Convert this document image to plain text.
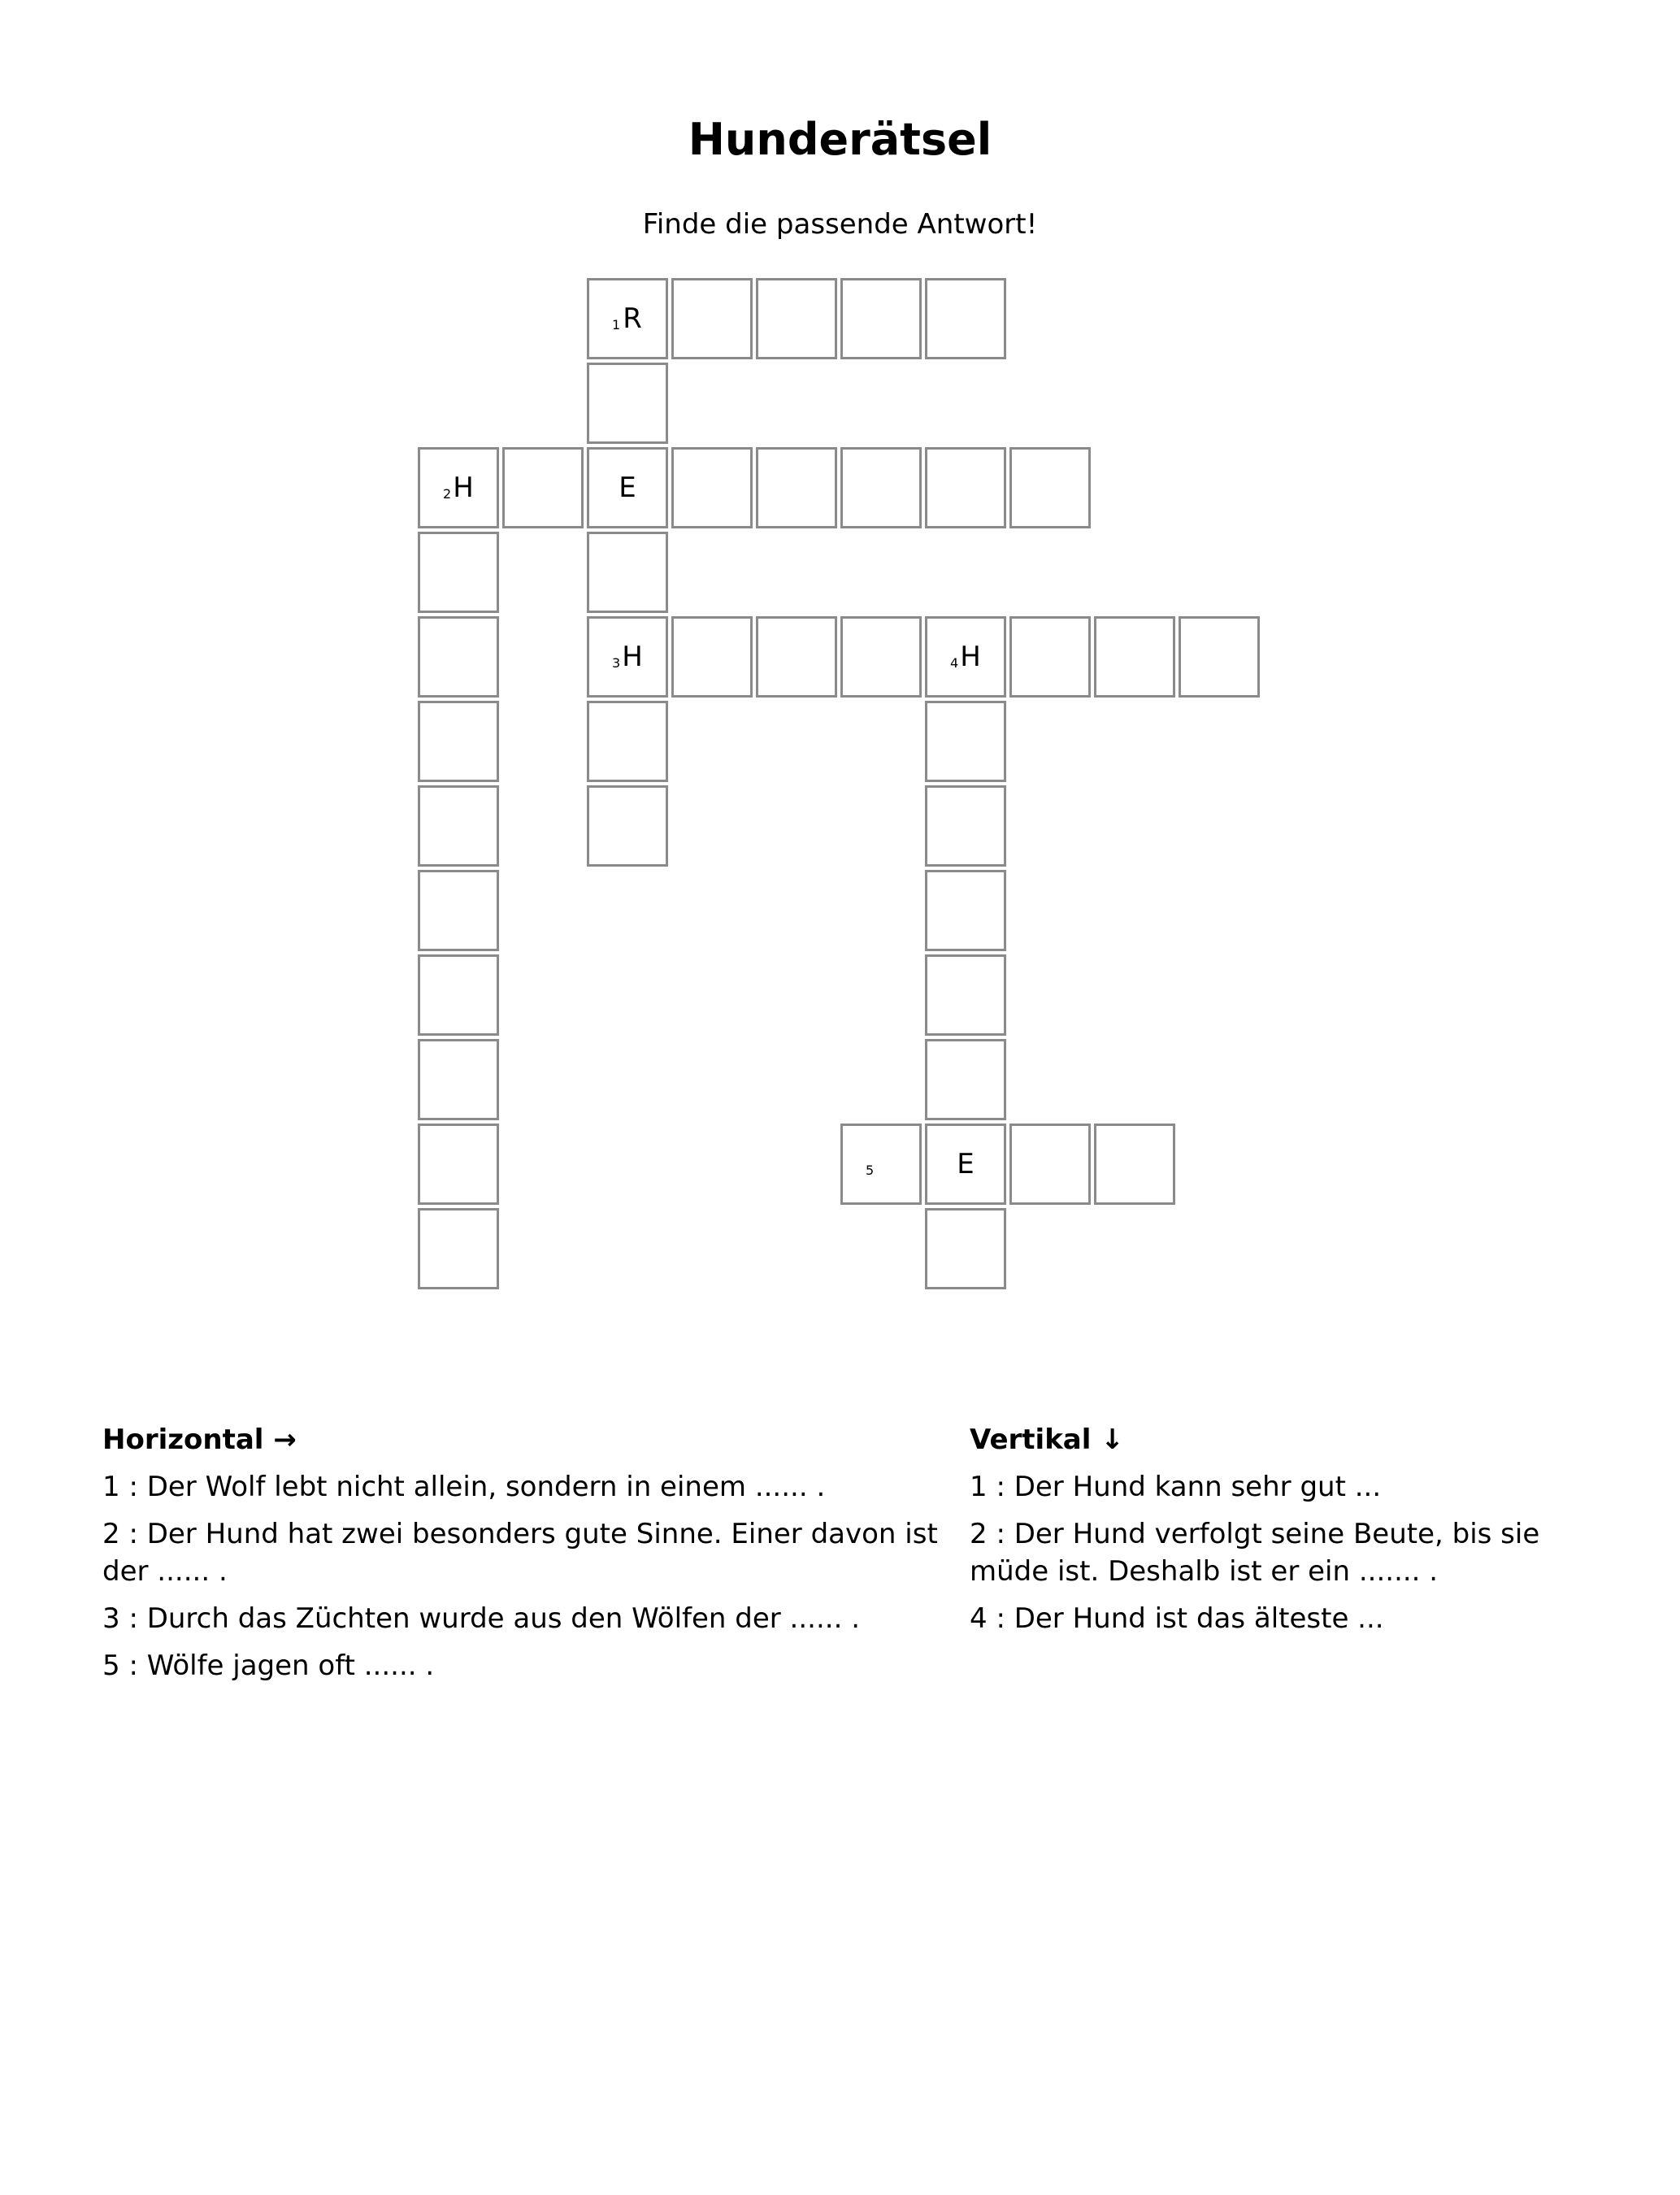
Hunderätsel

Finde die passende Antwort!

1 R
2 H	E
3 H	4 H
5	E
Horizontal →
1 : Der Wolf lebt nicht allein, sondern in einem ...... .
2 : Der Hund hat zwei besonders gute Sinne. Einer davon ist der ...... .
3 : Durch das Züchten wurde aus den Wölfen der ...... .
5 : Wölfe jagen oft ...... .
Vertikal ↓
1 : Der Hund kann sehr gut ...
2 : Der Hund verfolgt seine Beute, bis sie müde ist. Deshalb ist er ein ....... .
4 : Der Hund ist das älteste ...
